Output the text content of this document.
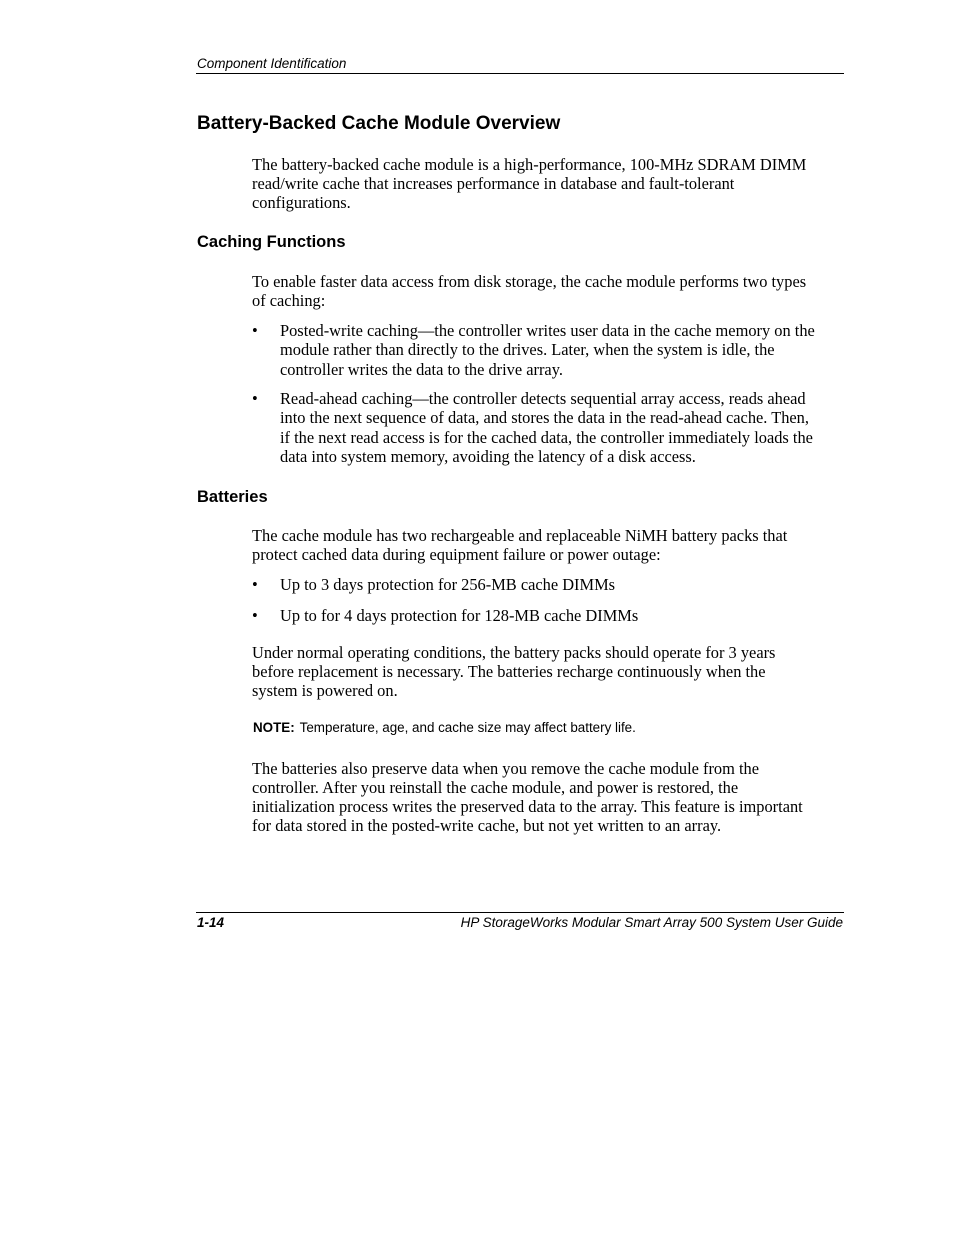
Component Identification
Battery-Backed Cache Module Overview
The battery-backed cache module is a high-performance, 100-MHz SDRAM DIMM
read/write cache that increases performance in database and fault-tolerant
configurations.
Caching Functions
To enable faster data access from disk storage, the cache module performs two types
of caching:
• Posted-write caching—the controller writes user data in the cache memory on the
module rather than directly to the drives. Later, when the system is idle, the
controller writes the data to the drive array.
• Read-ahead caching—the controller detects sequential array access, reads ahead
into the next sequence of data, and stores the data in the read-ahead cache. Then,
if the next read access is for the cached data, the controller immediately loads the
data into system memory, avoiding the latency of a disk access.
Batteries
The cache module has two rechargeable and replaceable NiMH battery packs that
protect cached data during equipment failure or power outage:
• Up to 3 days protection for 256-MB cache DIMMs
• Up to for 4 days protection for 128-MB cache DIMMs
Under normal operating conditions, the battery packs should operate for 3 years
before replacement is necessary. The batteries recharge continuously when the
system is powered on.
NOTE: Temperature, age, and cache size may affect battery life.
The batteries also preserve data when you remove the cache module from the
controller. After you reinstall the cache module, and power is restored, the
initialization process writes the preserved data to the array. This feature is important
for data stored in the posted-write cache, but not yet written to an array.
1-14	HP StorageWorks Modular Smart Array 500 System User Guide
